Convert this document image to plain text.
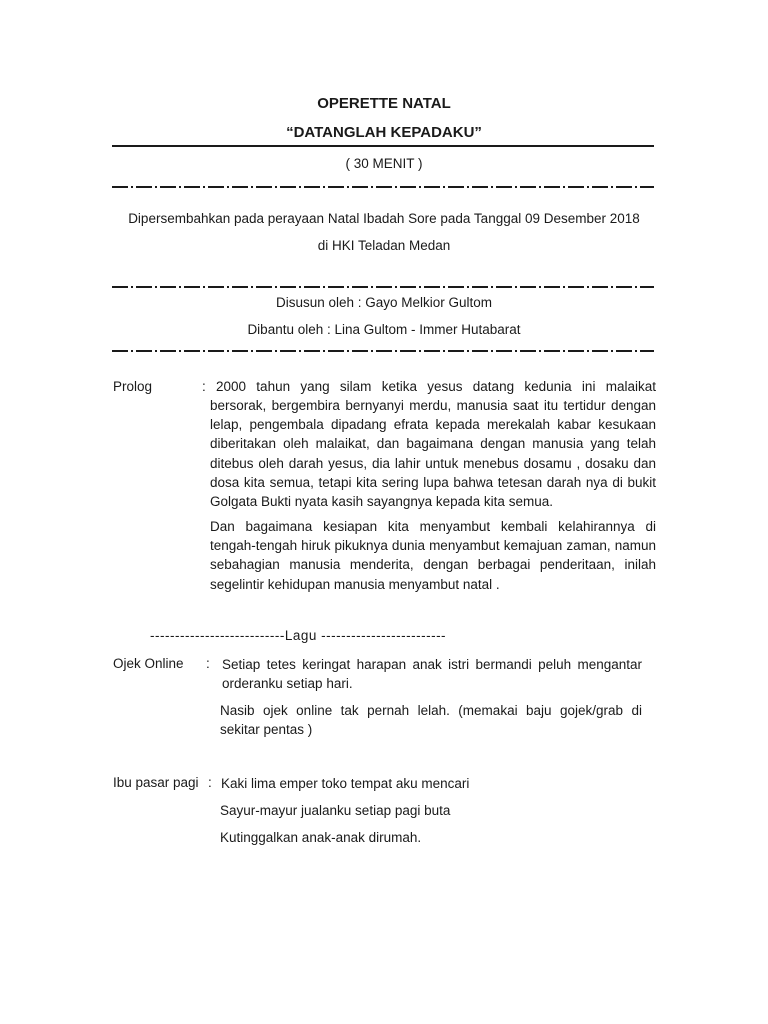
OPERETTE NATAL
“DATANGLAH KEPADAKU”
( 30 MENIT )
Dipersembahkan pada perayaan Natal Ibadah Sore pada Tanggal 09 Desember 2018
di HKI Teladan Medan
Disusun oleh : Gayo Melkior Gultom
Dibantu oleh : Lina Gultom - Immer Hutabarat
Prolog	: 2000 tahun yang silam ketika yesus datang kedunia ini malaikat
bersorak, bergembira bernyanyi merdu, manusia saat itu tertidur dengan lelap, pengembala dipadang efrata kepada merekalah kabar kesukaan diberitakan oleh malaikat, dan bagaimana dengan manusia yang telah ditebus oleh darah yesus, dia lahir untuk menebus dosamu , dosaku dan dosa kita semua, tetapi kita sering lupa bahwa tetesan darah nya di bukit Golgata Bukti nyata kasih sayangnya kepada kita semua.
Dan bagaimana kesiapan kita menyambut kembali kelahirannya di tengah-tengah hiruk pikuknya dunia menyambut kemajuan zaman, namun sebahagian manusia menderita, dengan berbagai penderitaan, inilah segelintir kehidupan manusia menyambut natal .
---------------------------Lagu -------------------------
Ojek Online : Setiap tetes keringat harapan anak istri bermandi peluh mengantar
orderanku setiap hari.
Nasib ojek online tak pernah lelah. (memakai baju gojek/grab di sekitar pentas )
Ibu pasar pagi : Kaki lima emper toko tempat aku mencari
Sayur-mayur jualanku setiap pagi buta
Kutinggalkan anak-anak dirumah.
